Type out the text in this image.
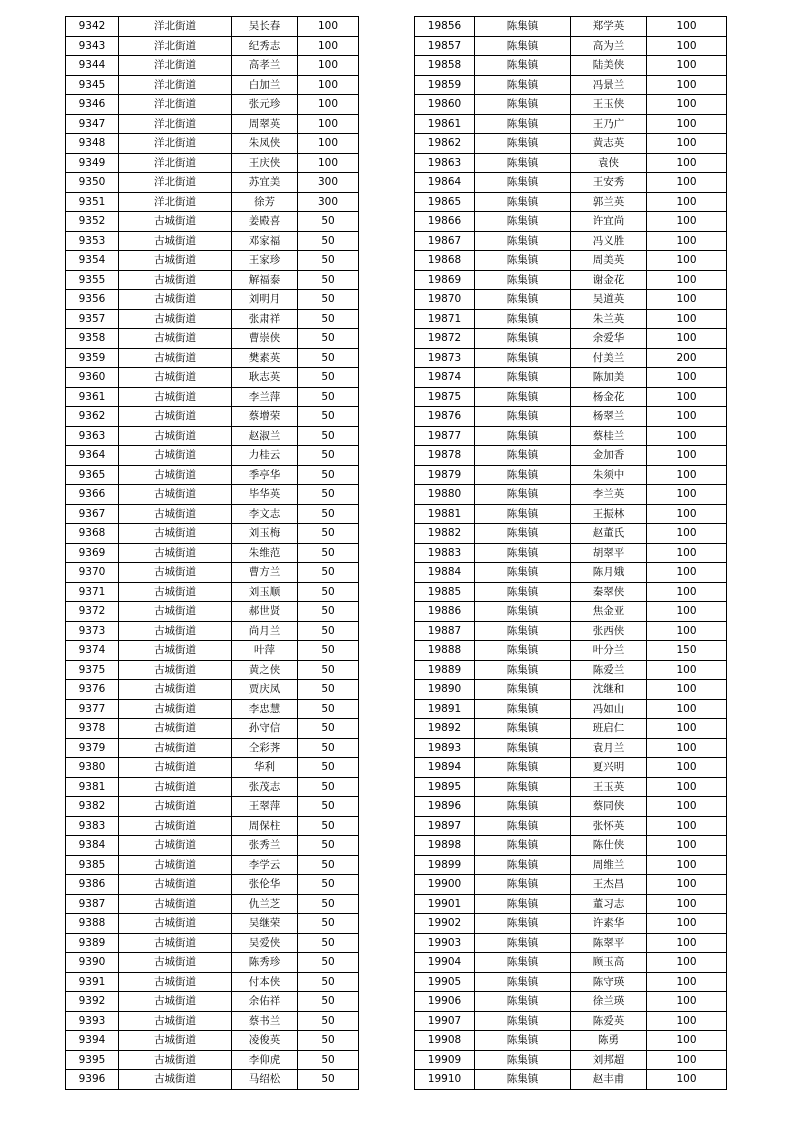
9342	洋北街道	吴长春	100
9343	洋北街道	纪秀志	100
9344	洋北街道	高孝兰	100
9345	洋北街道	白加兰	100
9346	洋北街道	张元珍	100
9347	洋北街道	周翠英	100
9348	洋北街道	朱凤侠	100
9349	洋北街道	王庆侠	100
9350	洋北街道	苏宜美	300
9351	洋北街道	徐芳	300
9352	古城街道	姜殿喜	50
9353	古城街道	邓家福	50
9354	古城街道	王家珍	50
9355	古城街道	解福泰	50
9356	古城街道	刘明月	50
9357	古城街道	张肃祥	50
9358	古城街道	曹崇侠	50
9359	古城街道	樊素英	50
9360	古城街道	耿志英	50
9361	古城街道	李兰萍	50
9362	古城街道	蔡增荣	50
9363	古城街道	赵淑兰	50
9364	古城街道	力桂云	50
9365	古城街道	季亭华	50
9366	古城街道	毕华英	50
9367	古城街道	李文志	50
9368	古城街道	刘玉梅	50
9369	古城街道	朱维范	50
9370	古城街道	曹方兰	50
9371	古城街道	刘玉顺	50
9372	古城街道	郝世贤	50
9373	古城街道	尚月兰	50
9374	古城街道	叶萍	50
9375	古城街道	黄之侠	50
9376	古城街道	贾庆凤	50
9377	古城街道	李忠慧	50
9378	古城街道	孙守信	50
9379	古城街道	仝彩荠	50
9380	古城街道	华利	50
9381	古城街道	张茂志	50
9382	古城街道	王翠萍	50
9383	古城街道	周保柱	50
9384	古城街道	张秀兰	50
9385	古城街道	李学云	50
9386	古城街道	张伦华	50
9387	古城街道	仇兰芝	50
9388	古城街道	吴继荣	50
9389	古城街道	吴爱侠	50
9390	古城街道	陈秀珍	50
9391	古城街道	付本侠	50
9392	古城街道	余佑祥	50
9393	古城街道	蔡书兰	50
9394	古城街道	凌俊英	50
9395	古城街道	李仰虎	50
9396	古城街道	马绍松	50
19856	陈集镇	郑学英	100
19857	陈集镇	高为兰	100
19858	陈集镇	陆美侠	100
19859	陈集镇	冯景兰	100
19860	陈集镇	王玉侠	100
19861	陈集镇	王乃广	100
19862	陈集镇	黄志英	100
19863	陈集镇	袁侠	100
19864	陈集镇	王安秀	100
19865	陈集镇	郭兰英	100
19866	陈集镇	许宜尚	100
19867	陈集镇	冯义胜	100
19868	陈集镇	周美英	100
19869	陈集镇	谢金花	100
19870	陈集镇	吴道英	100
19871	陈集镇	朱兰英	100
19872	陈集镇	余爱华	100
19873	陈集镇	付美兰	200
19874	陈集镇	陈加美	100
19875	陈集镇	杨金花	100
19876	陈集镇	杨翠兰	100
19877	陈集镇	蔡桂兰	100
19878	陈集镇	金加香	100
19879	陈集镇	朱须中	100
19880	陈集镇	李兰英	100
19881	陈集镇	王振林	100
19882	陈集镇	赵董氏	100
19883	陈集镇	胡翠平	100
19884	陈集镇	陈月娥	100
19885	陈集镇	秦翠侠	100
19886	陈集镇	焦金亚	100
19887	陈集镇	张西侠	100
19888	陈集镇	叶分兰	150
19889	陈集镇	陈爱兰	100
19890	陈集镇	沈继和	100
19891	陈集镇	冯如山	100
19892	陈集镇	班启仁	100
19893	陈集镇	袁月兰	100
19894	陈集镇	夏兴明	100
19895	陈集镇	王玉英	100
19896	陈集镇	蔡同侠	100
19897	陈集镇	张怀英	100
19898	陈集镇	陈仕侠	100
19899	陈集镇	周维兰	100
19900	陈集镇	王杰昌	100
19901	陈集镇	董习志	100
19902	陈集镇	许素华	100
19903	陈集镇	陈翠平	100
19904	陈集镇	顾玉高	100
19905	陈集镇	陈守瑛	100
19906	陈集镇	徐兰瑛	100
19907	陈集镇	陈爱英	100
19908	陈集镇	陈勇	100
19909	陈集镇	刘邦超	100
19910	陈集镇	赵丰甫	100
